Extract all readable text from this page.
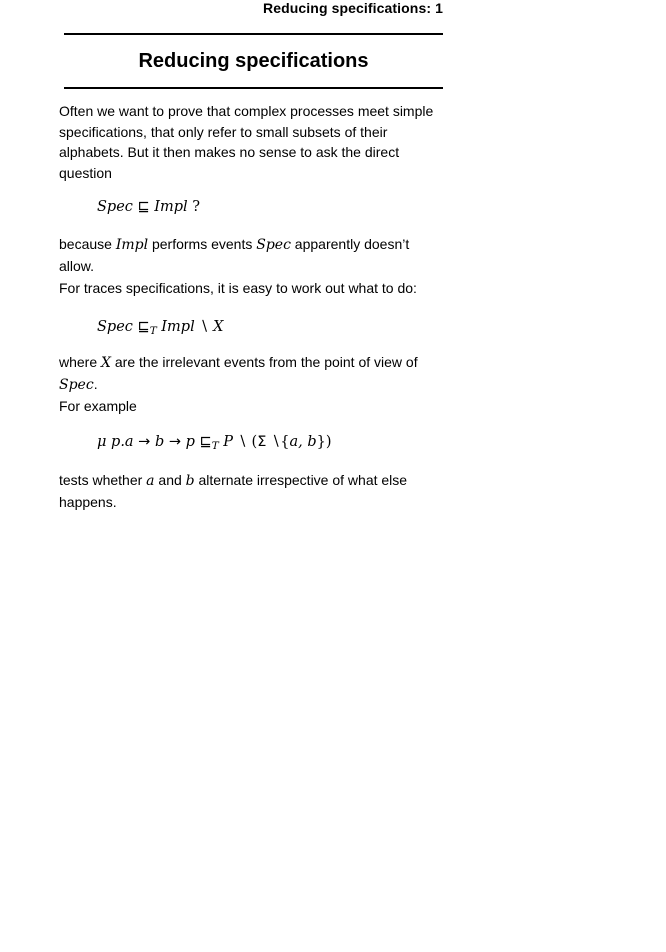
Reducing specifications: 1
Reducing specifications
Often we want to prove that complex processes meet simple
specifications, that only refer to small subsets of their
alphabets. But it then makes no sense to ask the direct
question
Spec ⊑ Impl ?
because Impl performs events Spec apparently doesn’t
allow.
For traces specifications, it is easy to work out what to do:
Spec $⊑_T$ Impl ∖ X
where X are the irrelevant events from the point of view of
Spec.
For example
μ p.a → b → p $⊑_T$ P ∖ (Σ ∖{a, b})
tests whether a and b alternate irrespective of what else
happens.
